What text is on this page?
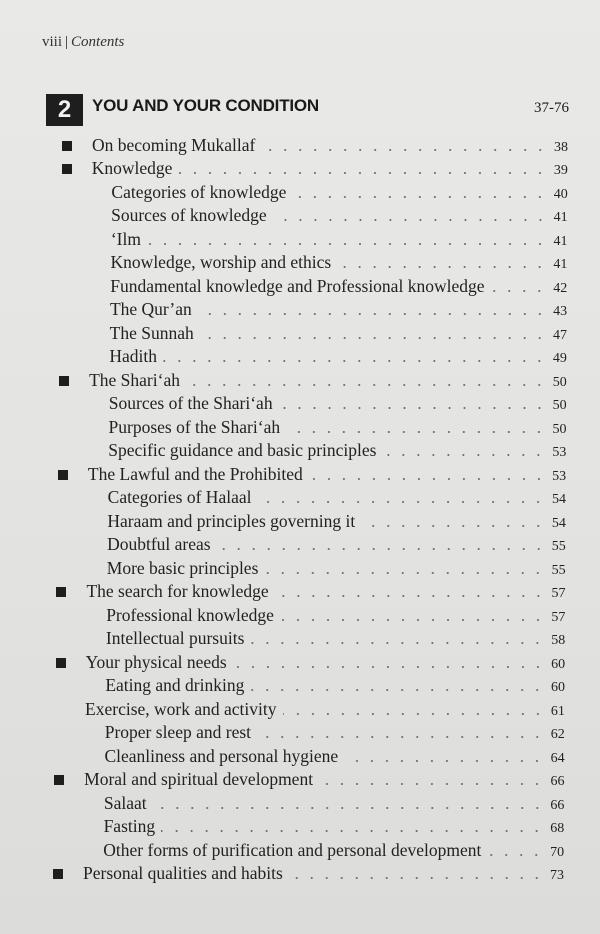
viii | Contents
2	YOU AND YOUR CONDITION	37-76
On becoming Mukallaf	38
Knowledge	39
Categories of knowledge	40
Sources of knowledge	41
‘Ilm	41
Knowledge, worship and ethics	41
Fundamental knowledge and Professional knowledge	42
The Qur’an	43
The Sunnah	47
Hadith	49
The Shari‘ah	50
Sources of the Shari‘ah	50
Purposes of the Shari‘ah	50
Specific guidance and basic principles	53
The Lawful and the Prohibited	53
Categories of Halaal	54
Haraam and principles governing it	54
Doubtful areas	55
More basic principles	55
The search for knowledge	57
Professional knowledge	57
Intellectual pursuits	58
Your physical needs	60
Eating and drinking	60
Exercise, work and activity	61
Proper sleep and rest	62
Cleanliness and personal hygiene	64
Moral and spiritual development	66
Salaat	66
Fasting	68
Other forms of purification and personal development	70
Personal qualities and habits	73
